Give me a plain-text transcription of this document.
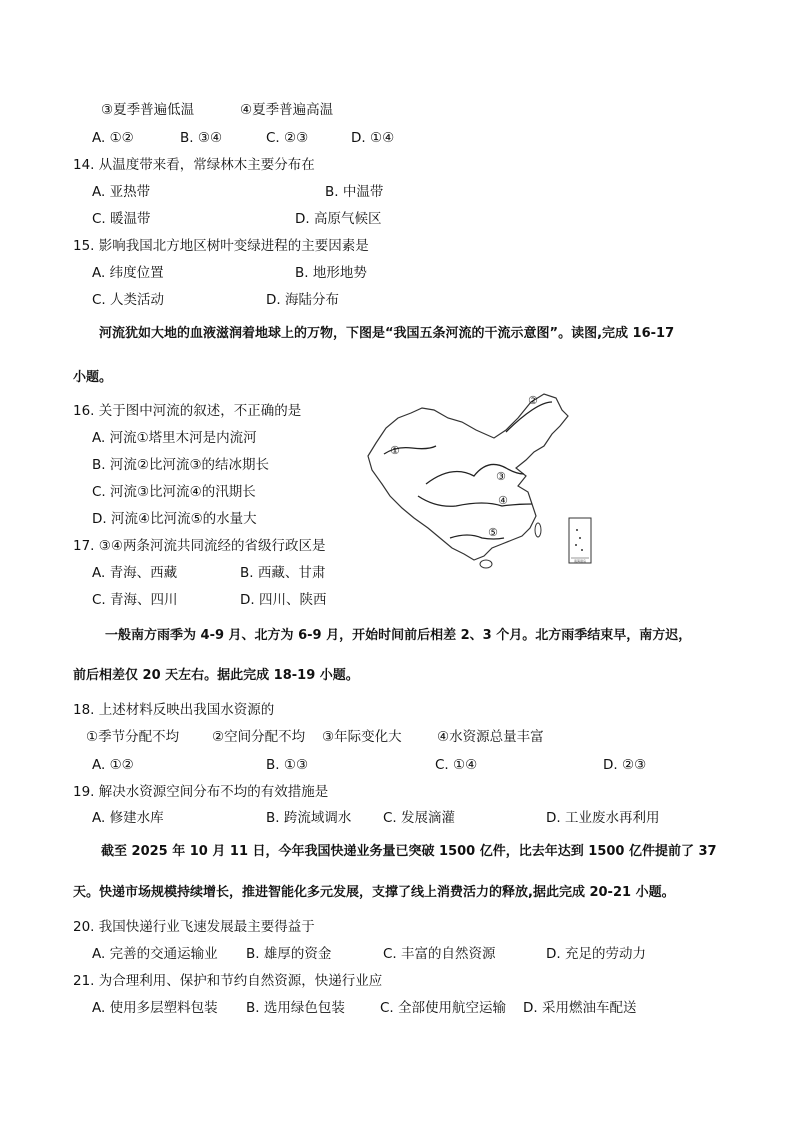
③夏季普遍低温	④夏季普遍高温
A. ①②	B. ③④	C. ②③	D. ①④
14. 从温度带来看，常绿林木主要分布在
A. 亚热带	B. 中温带
C. 暖温带	D. 高原气候区
15. 影响我国北方地区树叶变绿进程的主要因素是
A. 纬度位置	B. 地形地势
C. 人类活动	D. 海陆分布
河流犹如大地的血液滋润着地球上的万物，下图是“我国五条河流的干流示意图”。读图,完成 16-17
小题。
16. 关于图中河流的叙述，不正确的是
A. 河流①塔里木河是内流河
B. 河流②比河流③的结冰期长
C. 河流③比河流④的汛期长
D. 河流④比河流⑤的水量大
17. ③④两条河流共同流经的省级行政区是
A. 青海、西藏	B. 西藏、甘肃
C. 青海、四川	D. 四川、陕西
南海诸岛
①
②
③
④
⑤
一般南方雨季为 4-9 月、北方为 6-9 月，开始时间前后相差 2、3 个月。北方雨季结束早，南方迟，
前后相差仅 20 天左右。据此完成 18-19 小题。
18. 上述材料反映出我国水资源的
①季节分配不均 ②空间分配不均 ③年际变化大	④水资源总量丰富
A. ①②	B. ①③	C. ①④	D. ②③
19. 解决水资源空间分布不均的有效措施是
A. 修建水库	B. 跨流域调水 C. 发展滴灌	D. 工业废水再利用
截至 2025 年 10 月 11 日，今年我国快递业务量已突破 1500 亿件，比去年达到 1500 亿件提前了 37
天。快递市场规模持续增长，推进智能化多元发展，支撑了线上消费活力的释放,据此完成 20-21 小题。
20. 我国快递行业飞速发展最主要得益于
A. 完善的交通运输业 B. 雄厚的资金	C. 丰富的自然资源	D. 充足的劳动力
21. 为合理利用、保护和节约自然资源，快递行业应
A. 使用多层塑料包装 B. 选用绿色包装	C. 全部使用航空运输 D. 采用燃油车配送
